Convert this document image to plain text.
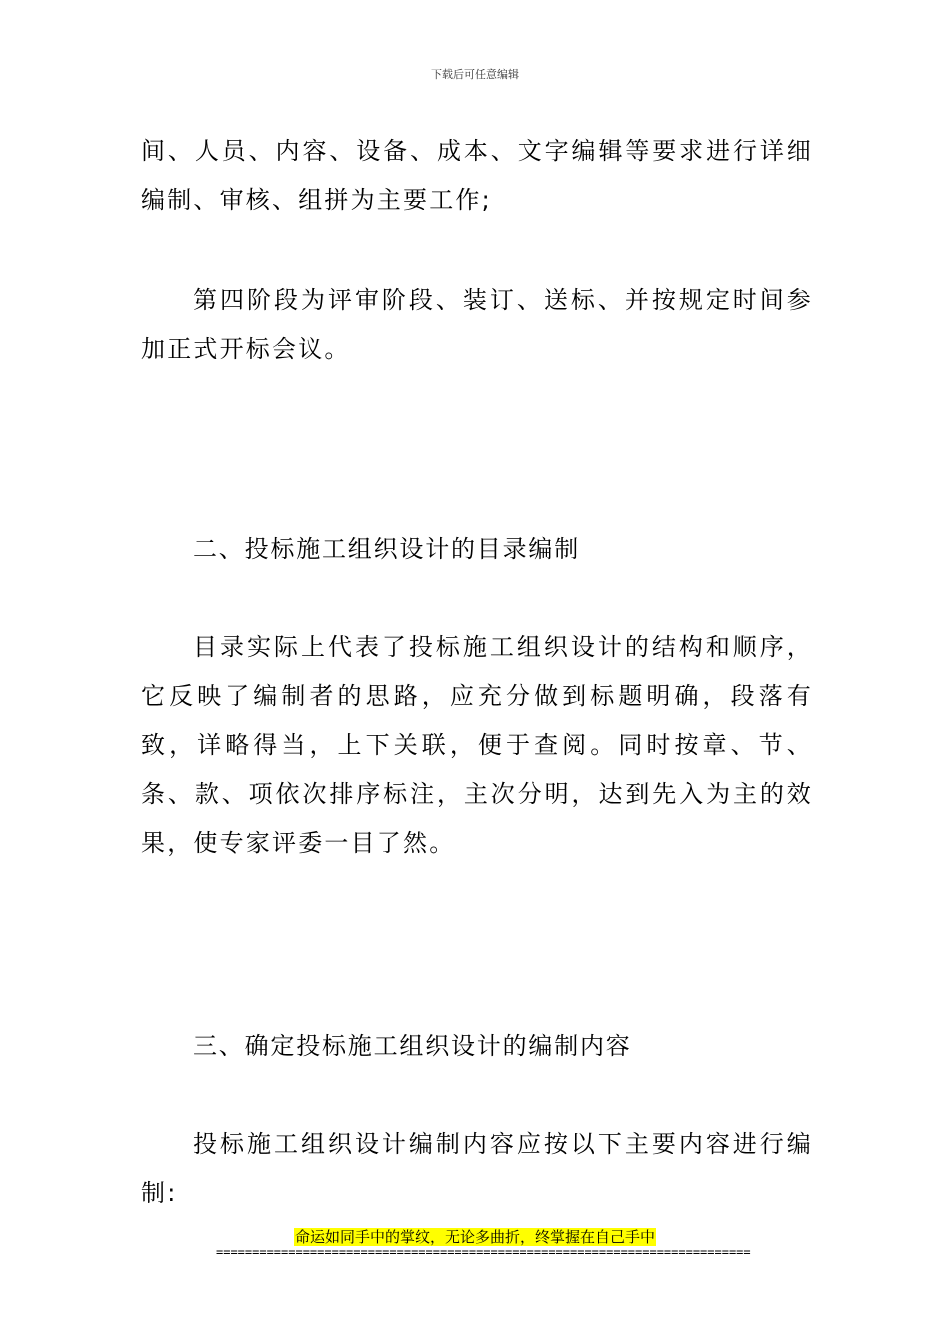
下载后可任意编辑

间、人员、内容、设备、成本、文字编辑等要求进行详细编制、审核、组拼为主要工作;

第四阶段为评审阶段、装订、送标、并按规定时间参加正式开标会议。

二、投标施工组织设计的目录编制

目录实际上代表了投标施工组织设计的结构和顺序，它反映了编制者的思路，应充分做到标题明确，段落有致，详略得当，上下关联，便于查阅。同时按章、节、条、款、项依次排序标注，主次分明，达到先入为主的效果，使专家评委一目了然。

三、确定投标施工组织设计的编制内容

投标施工组织设计编制内容应按以下主要内容进行编制:

命运如同手中的掌纹，无论多曲折，终掌握在自己手中
==========================================================================
